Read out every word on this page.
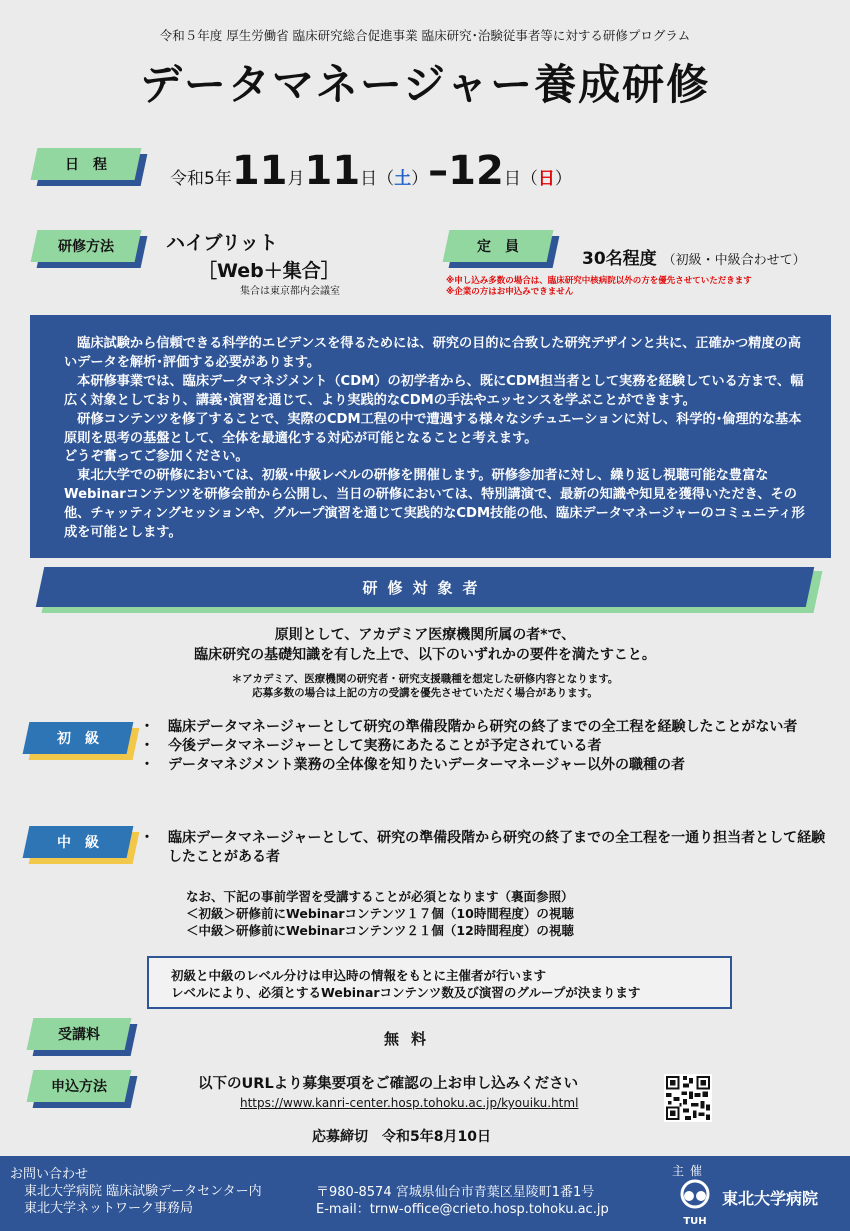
令和５年度 厚生労働省 臨床研究総合促進事業 臨床研究･治験従事者等に対する研修プログラム
データマネージャー養成研修
日　程
令和5年 11 月 11 日 （ 土 ） – 12 日 （ 日 ）
研修方法	ハイブリット
［Web＋集合］
集合は東京都内会議室
定　員
30名程度 （初級・中級合わせて）
※申し込み多数の場合は、臨床研究中核病院以外の方を優先させていただきます
※企業の方はお申込みできません

　臨床試験から信頼できる科学的エビデンスを得るためには、研究の目的に合致した研究デザインと共に、正確かつ精度の高いデータを解析･評価する必要があります。

　本研修事業では、臨床データマネジメント（CDM）の初学者から、既にCDM担当者として実務を経験している方まで、幅広く対象としており、講義･演習を通じて、より実践的なCDMの手法やエッセンスを学ぶことができます。

　研修コンテンツを修了することで、実際のCDM工程の中で遭遇する様々なシチュエーションに対し、科学的･倫理的な基本原則を思考の基盤として、全体を最適化する対応が可能となることと考えます。

どうぞ奮ってご参加ください。

　東北大学での研修においては、初級･中級レベルの研修を開催します。研修参加者に対し、繰り返し視聴可能な豊富なWebinarコンテンツを研修会前から公開し、当日の研修においては、特別講演で、最新の知識や知見を獲得いただき、その他、チャッティングセッションや、グループ演習を通じて実践的なCDM技能の他、臨床データマネージャーのコミュニティ形成を可能とします。

研修対象者
原則として、アカデミア医療機関所属の者*で、
臨床研究の基礎知識を有した上で、以下のいずれかの要件を満たすこと。
＊アカデミア、医療機関の研究者・研究支援職種を想定した研修内容となります。
応募多数の場合は上記の方の受講を優先させていただく場合があります。
初　級
・ 臨床データマネージャーとして研究の準備段階から研究の終了までの全工程を経験したことがない者
・ 今後データマネージャーとして実務にあたることが予定されている者
・ データマネジメント業務の全体像を知りたいデーターマネージャー以外の職種の者
中　級	・ 臨床データマネージャーとして、研究の準備段階から研究の終了までの全工程を一通り担当者として経験したことがある者
なお、下記の事前学習を受講することが必須となります（裏面参照）
＜初級＞研修前にWebinarコンテンツ１７個（10時間程度）の視聴
＜中級＞研修前にWebinarコンテンツ２１個（12時間程度）の視聴
初級と中級のレベル分けは申込時の情報をもとに主催者が行います
レベルにより、必須とするWebinarコンテンツ数及び演習のグループが決まります
受講料	無料
申込方法	以下のURLより募集要項をご確認の上お申し込みください
https://www.kanri-center.hosp.tohoku.ac.jp/kyouiku.html
応募締切　令和5年8月10日
お問い合わせ
東北大学病院 臨床試験データセンター内
東北大学ネットワーク事務局
〒980-8574 宮城県仙台市青葉区星陵町1番1号
E-mail：trnw-office@crieto.hosp.tohoku.ac.jp
主催
TUH
東北大学病院
